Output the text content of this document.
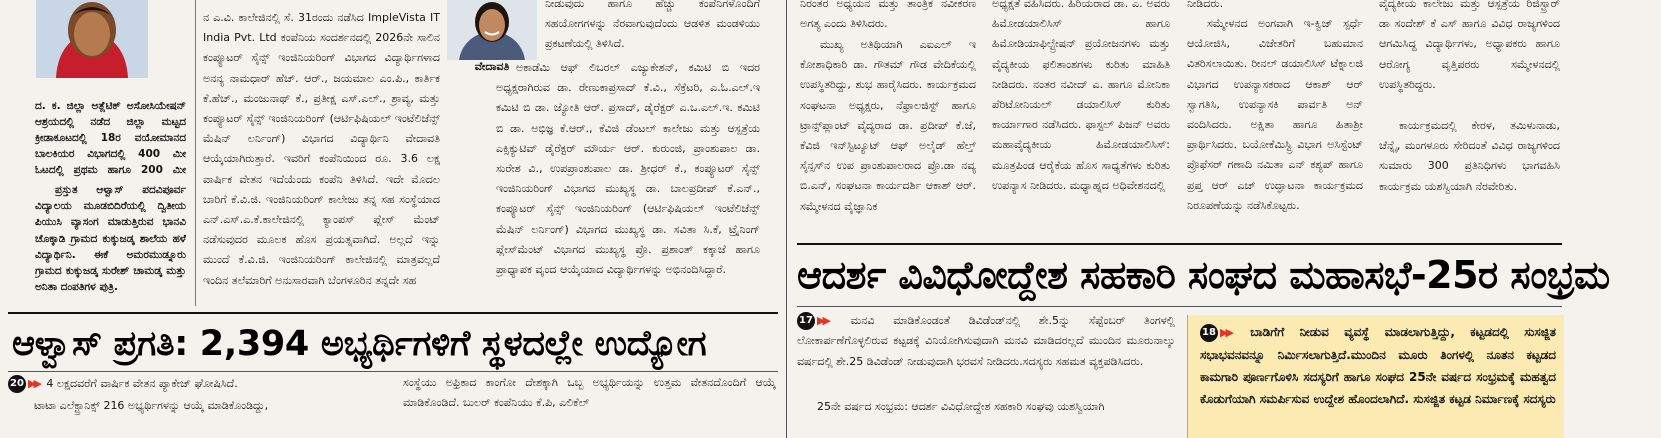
ದ. ಕ. ಜಿಲ್ಲಾ ಅತ್ಲೆಟಿಕ್ ಅಸೋಸಿಯೇಷನ್ ಆಶ್ರಯದಲ್ಲಿ ನಡೆದ ಜಿಲ್ಲಾ ಮಟ್ಟದ ಕ್ರೀಡಾಕೂಟದಲ್ಲಿ 18ರ ವಯೋಮಾನದ ಬಾಲಕಿಯರ ವಿಭಾಗದಲ್ಲಿ 400 ಮೀ ಓಟದಲ್ಲಿ ಪ್ರಥಮ ಹಾಗೂ 200 ಮೀ
ಪ್ರಸ್ತುತ ಆಳ್ವಾಸ್ ಪದವಿಪೂರ್ವ ವಿದ್ಯಾಲಯ ಮೂಡಬಿದಿರೆಯಲ್ಲಿ ದ್ವಿತೀಯ ಪಿಯುಸಿ ವ್ಯಾಸಂಗ ಮಾಡುತ್ತಿರುವ ಭಾನವಿ ಚೊಕ್ಕಾಡಿ ಗ್ರಾಮದ ಕುಕ್ಕುಜಡ್ಕ ಶಾಲೆಯ ಹಳೆ ವಿದ್ಯಾರ್ಥಿನಿ. ಈಕೆ ಅಮರಮುಡ್ನೂರು ಗ್ರಾಮದ ಕುಕ್ಕುಜಡ್ಕ ಸುರೇಶ್ ಚಾಮಡ್ಕ ಮತ್ತು ಅನಿತಾ ದಂಪತಿಗಳ ಪುತ್ರಿ.
ನ ಎ.ವಿ. ಕಾಲೇಜಿನಲ್ಲಿ ಸೆ. 31ರಂದು ನಡೆಸಿದ ImpleVista IT India Pvt. Ltd ಕಂಪೆನಿಯ ಸಂದರ್ಶನದಲ್ಲಿ 2026ನೇ ಸಾಲಿನ ಕಂಪ್ಯೂಟರ್ ಸೈನ್ಸ್ ಇಂಜಿನಿಯರಿಂಗ್ ವಿಭಾಗದ ವಿದ್ಯಾರ್ಥಿಗಳಾದ ಅನನ್ಯ ನಾಮಧಾರ್ ಹೆಚ್. ಆರ್., ಜಯಮಾಲ ಎಂ.ಪಿ., ಕಾರ್ತಿಕ ಕೆ.ಹೆಚ್., ಮಂಜುನಾಥ್ ಕೆ., ಪ್ರತೀಕ್ಷ ಎಸ್.ಎಲ್., ಶ್ರಾವ್ಯ, ಮತ್ತು ಕಂಪ್ಯೂಟರ್ ಸೈನ್ಸ್ ಇಂಜಿನಿಯರಿಂಗ್ (ಆರ್ಟಿಫಿಷಿಯಲ್ ಇಂಟೆಲಿಜೆನ್ಸ್ ಮೆಷಿನ್ ಲರ್ನಿಂಗ್) ವಿಭಾಗದ ವಿದ್ಯಾರ್ಥಿನಿ ವೇದಾವತಿ ಆಯ್ಕೆಯಾಗಿರುತ್ತಾರೆ. ಇವರಿಗೆ ಕಂಪೆನಿಯಿಂದ ರೂ. 3.6 ಲಕ್ಷ ವಾರ್ಷಿಕ ವೇತನ ಇದೆಯೆಂದು ಕಂಪೆನಿ ತಿಳಿಸಿದೆ. ಇದೇ ಮೊದಲ ಬಾರಿಗೆ ಕೆ.ವಿ.ಜಿ. ಇಂಜಿನಿಯರಿಂಗ್ ಕಾಲೇಜು ತನ್ನ ಸಹ ಸಂಸ್ಥೆಯಾದ ಎನ್.ಎಸ್.ಎ.ಕೆ.ಕಾಲೇಜಿನಲ್ಲಿ ಕ್ಯಾಂಪಸ್ ಪ್ಲೇಸ್ ಮೆಂಟ್ ನಡೆಸುವುದರ ಮೂಲಕ ಹೊಸ ಪ್ರಯತ್ನವಾಗಿದೆ. ಅಲ್ಲದೆ ಇನ್ನು ಮುಂದೆ ಕೆ.ವಿ.ಜಿ. ಇಂಜಿನಿಯರಿಂಗ್ ಕಾಲೇಜಿನಲ್ಲಿ ಮಾತ್ರವಲ್ಲದೆ ಇಂದಿನ ತಲೆಮಾರಿಗೆ ಅನುಸಾರವಾಗಿ ಬೆಂಗಳೂರಿನ ತನ್ನದೇ ಸಹ
ವೇದಾವತಿ
ನೀಡುವುದು ಹಾಗೂ ಹೆಚ್ಚು ಕಂಪೆನಿಗಳೊಂದಿಗೆ ಸಹಯೋಗಗಳನ್ನು ನೆರವಾಗುವುದೆಂದು ಆಡಳಿತ ಮಂಡಳಿಯು ಪ್ರಕಟಣೆಯಲ್ಲಿ ತಿಳಿಸಿದೆ.
ಅಕಾಡೆಮಿ ಆಫ್ ಲಿಬರಲ್ ಎಜ್ಯುಕೇಶನ್, ಕಮಿಟಿ ಬಿ ಇದರ ಅಧ್ಯಕ್ಷರಾಗಿರುವ ಡಾ. ರೇಣುಕಾಪ್ರಸಾದ್ ಕೆ.ವಿ., ಸೆಕ್ರೆಟರಿ, ಎ.ಓ.ಎಲ್.ಇ ಕಮಿಟಿ ಬಿ ಡಾ. ಜ್ಯೋತಿ ಆರ್. ಪ್ರಸಾದ್, ಡೈರೆಕ್ಟರ್ ಎ.ಒ.ಎಲ್.ಇ. ಕಮಿಟಿ ಬಿ ಡಾ. ಅಭಿಜ್ಞ ಕೆ.ಆರ್., ಕೆವಿಜಿ ಡೆಂಟಲ್ ಕಾಲೇಜು ಮತ್ತು ಆಸ್ಪತ್ರೆಯ ಎಕ್ಸಿಕ್ಯುಟಿವ್ ಡೈರೆಕ್ಟರ್ ಮೌರ್ಯ ಆರ್. ಕುರುಂಜಿ, ಪ್ರಾಂಶುಪಾಲ ಡಾ. ಸುರೇಶ ವಿ., ಉಪಪ್ರಾಂಶುಪಾಲ ಡಾ. ಶ್ರೀಧರ್ ಕೆ., ಕಂಪ್ಯೂಟರ್ ಸೈನ್ಸ್ ಇಂಜಿನಿಯರಿಂಗ್ ವಿಭಾಗದ ಮುಖ್ಯಸ್ಥ ಡಾ. ಬಾಲಪ್ರದೀಪ್ ಕೆ.ಎನ್., ಕಂಪ್ಯೂಟರ್ ಸೈನ್ಸ್ ಇಂಜಿನಿಯರಿಂಗ್ (ಆರ್ಟಿಫಿಷಿಯಲ್ ಇಂಟೆಲಿಜೆನ್ಸ್ ಮೆಷಿನ್ ಲರ್ನಿಂಗ್) ವಿಭಾಗದ ಮುಖ್ಯಸ್ಥ ಡಾ. ಸವಿತಾ ಸಿ.ಕೆ, ಟ್ರೈನಿಂಗ್ ಪ್ಲೇಸ್‌ಮೆಂಟ್ ವಿಭಾಗದ ಮುಖ್ಯಸ್ಥ ಪ್ರೊ. ಪ್ರಶಾಂತ್ ಕಕ್ಕಾಜೆ ಹಾಗೂ ಪ್ರಾಧ್ಯಾಪಕ ವೃಂದ ಆಯ್ಕೆಯಾದ ವಿದ್ಯಾರ್ಥಿಗಳನ್ನು ಅಭಿನಂದಿಸಿದ್ದಾರೆ.
ನಿರಂತರ ಅಧ್ಯಯನ ಮತ್ತು ತಾಂತ್ರಿಕ ನವೀಕರಣ ಅಗತ್ಯ ಎಂದು ತಿಳಿಸಿದರು.
ಮುಖ್ಯ ಅತಿಥಿಯಾಗಿ ಎಐಎಲ್ ಇ ಕೋಶಾಧಿಕಾರಿ ಡಾ. ಗೌತಮ್ ಗೌಡ ವೇದಿಕೆಯಲ್ಲಿ ಉಪಸ್ಥಿತರಿದ್ದು, ಶುಭ ಹಾರೈಸಿದರು. ಕಾರ್ಯಕ್ರಮದ ಸಂಘಟನಾ ಅಧ್ಯಕ್ಷರು, ನೆಫ್ರಾಲಜಿಸ್ಟ್ ಹಾಗೂ ಟ್ರಾನ್ಸ್‌ಪ್ಲಾಂಟ್ ವೈದ್ಯರಾದ ಡಾ. ಪ್ರದೀಪ್ ಕೆ.ಜೆ, ಕೆವಿಜಿ ಇನ್‌ಸ್ಟಿಟ್ಯೂಟ್ ಆಫ್ ಅಲೈಡ್ ಹೆಲ್ತ್ ಸೈನ್ಸಸ್‌ನ ಉಪ ಪ್ರಾಂಶುಪಾಲರಾದ ಪ್ರೊ.ಡಾ ನವ್ಯ ಬಿ.ಎನ್, ಸಂಘಟನಾ ಕಾರ್ಯದರ್ಶಿ ಆಕಾಶ್ ಆರ್. ಸಮ್ಮೇಳನದ ವೈಜ್ಞಾನಿಕ
ಅಧ್ಯಕ್ಷತೆ ವಹಿಸಿದರು. ಹಿರಿಯರಾದ ಡಾ. ಎ. ಅವರು ಹಿಮೋಡಯಾಲಿಸಿಸ್ ಹಾಗೂ ಹಿಮೋಡಿಯಾಫಿಲ್ಟ್ರೇಷನ್ ಪ್ರಯೋಜನಗಳು ಮತ್ತು ವೈದ್ಯಕೀಯ ಫಲಿತಾಂಶಗಳು ಕುರಿತು ಮಾಹಿತಿ ನೀಡಿದರು. ನಂತರ ನವೀದ್ ಎ. ಹಾಗೂ ಮೋನಿಕಾ ಪೆರಿಟೋನಿಯಲ್ ಡಯಾಲಿಸಿಸ್ ಕುರಿತು ಕಾರ್ಯಾಗಾರ ನಡೆಸಿದರು. ಫಾಸ್ಟಲ್ ಪಿಜನ್ ಅವರು ಮಹಾವೈದ್ಯಕೀಯ ಹಿಮೋಡಯಾಲಿಸಿಸ್: ಮೂತ್ರಪಿಂಡ ಆರೈಕೆಯ ಹೊಸ ಸಾಧ್ಯತೆಗಳು ಕುರಿತು ಉಪನ್ಯಾಸ ನೀಡಿದರು. ಮಧ್ಯಾಹ್ನದ ಅಧಿವೇಶನದಲ್ಲಿ
ನೀಡಿದರು.
ಸಮ್ಮೇಳನದ ಅಂಗವಾಗಿ ಇ-ಕ್ವಿಜ್ ಸ್ಪರ್ಧೆ ಆಯೋಜಿಸಿ, ವಿಜೇತರಿಗೆ ಬಹುಮಾನ ವಿತರಿಸಲಾಯಿತು. ರೀನಲ್ ಡಯಾಲಿಸಿಸ್ ಟೆಕ್ನಾಲಜಿ ವಿಭಾಗದ ಉಪನ್ಯಾಸಕರಾದ ಆಕಾಶ್ ಆರ್ ಸ್ವಾಗತಿಸಿ, ಉಪನ್ಯಾಸಕಿ ಪಾರ್ವತಿ ಅನ್ ವಂದಿಸಿದರು. ಅಕ್ಷಿತಾ ಹಾಗೂ ಹಿತಾಶ್ರೀ ಪ್ರಾರ್ಥಿಸಿದರು. ಬಯೋಕೆಮಿಸ್ಟ್ರಿ ವಿಭಾಗ ಅಸಿಸ್ಟೆಂಟ್ ಪ್ರೊಫೆಸರ್ ಗಣಾದಿ ನಮಿತಾ ಎನ್ ಕಶ್ಯಪ್ ಹಾಗೂ ಪ್ರಪ್ತ ಆರ್ ಎಚ್ ಉದ್ಘಾಟನಾ ಕಾರ್ಯಕ್ರಮದ ನಿರೂಪಣೆಯನ್ನು ನಡೆಸಿಕೊಟ್ಟರು.
ವೈದ್ಯಕೀಯ ಕಾಲೇಜು ಮತ್ತು ಆಸ್ಪತ್ರೆಯ ರಿಜಿಸ್ಟ್ರಾರ್ ಡಾ ಸಂದೇಶ್ ಕೆ ಎಸ್ ಹಾಗೂ ವಿವಿಧ ರಾಜ್ಯಗಳಿಂದ ಆಗಮಿಸಿದ್ದ ವಿದ್ಯಾರ್ಥಿಗಳು, ಅಧ್ಯಾಪಕರು ಹಾಗೂ ಆರೋಗ್ಯ ವೃತ್ತಿಪರರು ಸಮ್ಮೇಳನದಲ್ಲಿ ಉಪಸ್ಥಿತರಿದ್ದರು.
ಕಾರ್ಯಕ್ರಮದಲ್ಲಿ ಕೇರಳ, ತಮಿಳುನಾಡು, ಚೆನ್ನೈ, ಮಂಗಳೂರು ಸೇರಿದಂತೆ ವಿವಿಧ ರಾಜ್ಯಗಳಿಂದ ಸುಮಾರು 300 ಪ್ರತಿನಿಧಿಗಳು ಭಾಗವಹಿಸಿ ಕಾರ್ಯಕ್ರಮ ಯಶಸ್ವಿಯಾಗಿ ನೆರವೇರಿತು.
ಆದರ್ಶ ವಿವಿಧೋದ್ದೇಶ ಸಹಕಾರಿ ಸಂಘದ ಮಹಾಸಭೆ-25ರ ಸಂಭ್ರಮ
ಆಳ್ವಾಸ್ ಪ್ರಗತಿ: 2,394 ಅಭ್ಯರ್ಥಿಗಳಿಗೆ ಸ್ಥಳದಲ್ಲೇ ಉದ್ಯೋಗ
20 ▶▶ 4 ಲಕ್ಷದವರೆಗೆ ವಾರ್ಷಿಕ ವೇತನ ಪ್ಯಾಕೇಜ್ ಘೋಷಿಸಿದೆ.
ಟಾಟಾ ಎಲೆಕ್ಟ್ರಾನಿಕ್ಸ್ 216 ಅಭ್ಯರ್ಥಿಗಳನ್ನು ಆಯ್ಕೆ ಮಾಡಿಕೊಂಡಿದ್ದು,
ಸಂಸ್ಥೆಯು ಅಫ್ರಿಕಾದ ಕಾಂಗೋ ದೇಶಕ್ಕಾಗಿ ಒಬ್ಬ ಅಭ್ಯರ್ಥಿಯನ್ನು ಉತ್ತಮ ವೇತನದೊಂದಿಗೆ ಆಯ್ಕೆ ಮಾಡಿಕೊಂಡಿದೆ. ಬುಲರ್ ಕಂಪೆನಿಯು ಕೆ.ಪಿ, ಎಲಿಕೆಲ್
17 ▶▶ ಮನವಿ ಮಾಡಿಕೊಂಡಂತೆ ಡಿವಿಡೆಂಡ್‌ನಲ್ಲಿ ಶೇ.5ನ್ನು ಸೆಪ್ಟೆಂಬರ್ ತಿಂಗಳಲ್ಲಿ ಲೋಕಾರ್ಪಣೆಗೊಳ್ಳಲಿರುವ ಕಟ್ಟಡಕ್ಕೆ ವಿನಿಯೋಗಿಸುವುದಾಗಿ ಮನವಿ ಮಾಡಿದರಲ್ಲದೆ ಮುಂದಿನ ಮೂರುನಾಲ್ಕು ವರ್ಷದಲ್ಲಿ ಶೇ.25 ಡಿವಿಡೆಂಡ್ ನೀಡುವುದಾಗಿ ಭರವಸೆ ನೀಡಿದರು.ಸದಸ್ಯರು ಸಹಮತ ವ್ಯಕ್ತಪಡಿಸಿದರು.
25ನೇ ವರ್ಷದ ಸಂಭ್ರಮ: ಆದರ್ಶ ವಿವಿಧೋದ್ದೇಶ ಸಹಕಾರಿ ಸಂಘವು ಯಶಸ್ವಿಯಾಗಿ
18 ▶▶ ಬಾಡಿಗೆಗೆ ನೀಡುವ ವ್ಯವಸ್ಥೆ ಮಾಡಲಾಗುತ್ತಿದ್ದು, ಕಟ್ಟಡದಲ್ಲಿ ಸುಸಜ್ಜಿತ ಸಭಾಭವನವನ್ನೂ ನಿರ್ಮಿಸಲಾಗುತ್ತಿದೆ.ಮುಂದಿನ ಮೂರು ತಿಂಗಳಲ್ಲಿ ನೂತನ ಕಟ್ಟಡದ ಕಾಮಗಾರಿ ಪೂರ್ಣಗೊಳಿಸಿ ಸದಸ್ಯರಿಗೆ ಹಾಗೂ ಸಂಘದ 25ನೇ ವರ್ಷದ ಸಂಭ್ರಮಕ್ಕೆ ಮಹತ್ವದ ಕೊಡುಗೆಯಾಗಿ ಸಮರ್ಪಿಸುವ ಉದ್ದೇಶ ಹೊಂದಲಾಗಿದೆ. ಸುಸಜ್ಜಿತ ಕಟ್ಟಡ ನಿರ್ಮಾಣಕ್ಕೆ ಸದಸ್ಯರು
